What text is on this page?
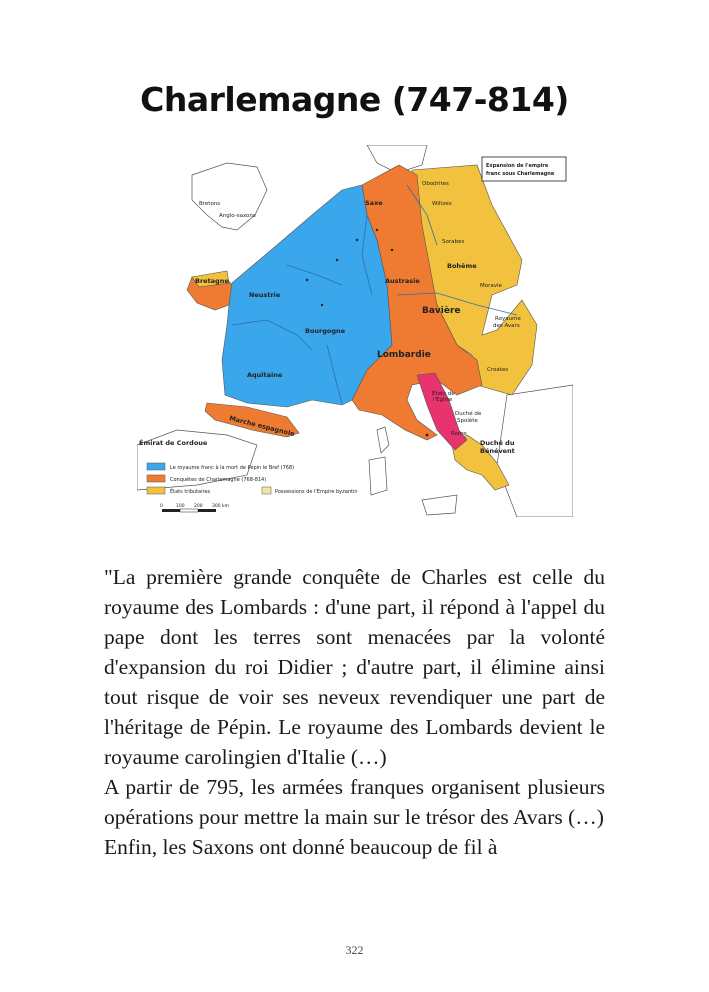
Charlemagne (747-814)
Bretons
Anglo-saxons
Obodrites
Wiltzes
Sorabes
Moravie
Royaume
des Avars
Croates
Saxe
Bohême
Neustrie
Bretagne	Austrasie
Bourgogne
Aquitaine
Bavière
Lombardie
États de
l'Église
Duché de
Spolète
Rome
Duché du
Bénévent
Marche espagnole
Émirat de Cordoue
Expansion de l'empire
franc sous Charlemagne
Le royaume franc à la mort de Pépin le Bref (768)
Conquêtes de Charlemagne (768-814)
États tributaires	Possessions de l'Empire byzantin
0	100 200 300 km

"La première grande conquête de Charles est celle du royaume des Lombards : d'une part, il répond à l'appel du pape dont les terres sont menacées par la volonté d'expansion du roi Didier ; d'autre part, il élimine ainsi tout risque de voir ses neveux revendiquer une part de l'héritage de Pépin. Le royaume des Lombards devient le royaume carolingien d'Italie (…)

A partir de 795, les armées franques organisent plusieurs opérations pour mettre la main sur le trésor des Avars (…)

Enfin, les Saxons ont donné beaucoup de fil à

322
